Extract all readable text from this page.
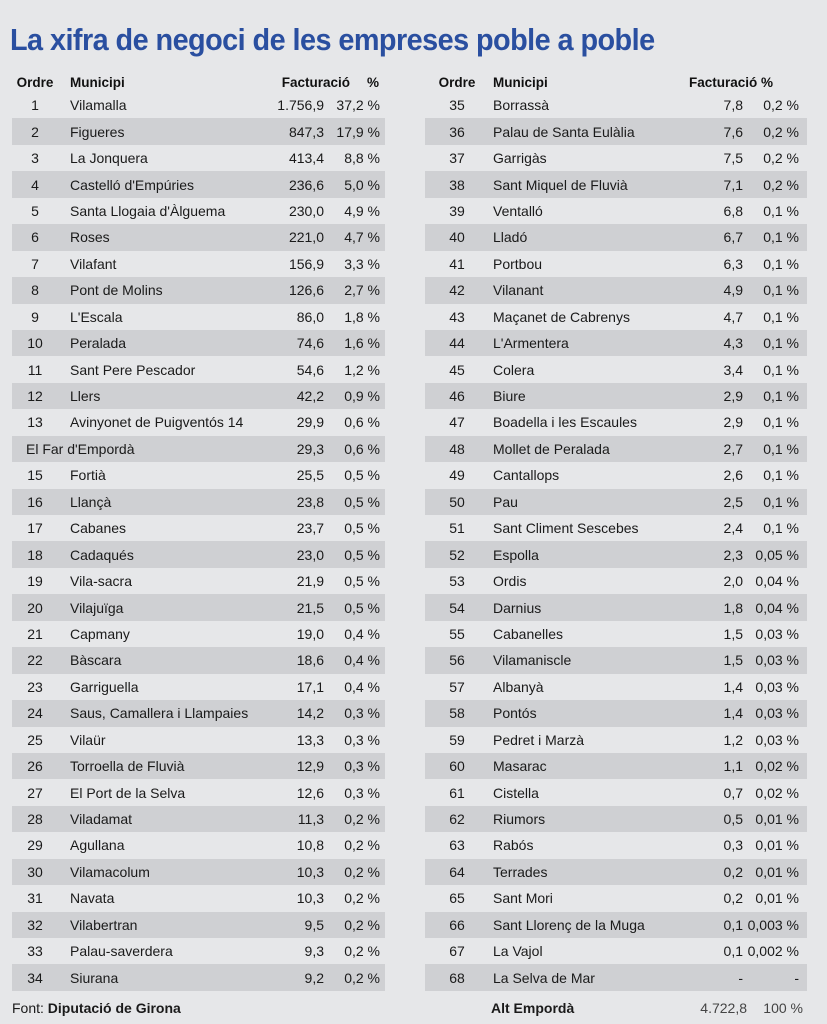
La xifra de negoci de les empreses poble a poble
Ordre	Municipi	Facturació	%
1	Vilamalla	1.756,9 37,2 %
2	Figueres	847,3 17,9 %
3	La Jonquera	413,4	8,8 %
4	Castelló d'Empúries	236,6	5,0 %
5	Santa Llogaia d'Àlguema	230,0	4,9 %
6	Roses	221,0	4,7 %
7	Vilafant	156,9	3,3 %
8	Pont de Molins	126,6	2,7 %
9	L'Escala	86,0	1,8 %
10	Peralada	74,6	1,6 %
11	Sant Pere Pescador	54,6	1,2 %
12	Llers	42,2	0,9 %
13	Avinyonet de Puigventós 14	29,9	0,6 %
El Far d'Empordà	29,3	0,6 %
15	Fortià	25,5	0,5 %
16	Llançà	23,8	0,5 %
17	Cabanes	23,7	0,5 %
18	Cadaqués	23,0	0,5 %
19	Vila-sacra	21,9	0,5 %
20	Vilajuïga	21,5	0,5 %
21	Capmany	19,0	0,4 %
22	Bàscara	18,6	0,4 %
23	Garriguella	17,1	0,4 %
24	Saus, Camallera i Llampaies	14,2	0,3 %
25	Vilaür	13,3	0,3 %
26	Torroella de Fluvià	12,9	0,3 %
27	El Port de la Selva	12,6	0,3 %
28	Viladamat	11,3	0,2 %
29	Agullana	10,8	0,2 %
30	Vilamacolum	10,3	0,2 %
31	Navata	10,3	0,2 %
32	Vilabertran	9,5	0,2 %
33	Palau-saverdera	9,3	0,2 %
34	Siurana	9,2	0,2 %
Ordre	Municipi	Facturació %
35	Borrassà	7,8	0,2 %
36	Palau de Santa Eulàlia	7,6	0,2 %
37	Garrigàs	7,5	0,2 %
38	Sant Miquel de Fluvià	7,1	0,2 %
39	Ventalló	6,8	0,1 %
40	Lladó	6,7	0,1 %
41	Portbou	6,3	0,1 %
42	Vilanant	4,9	0,1 %
43	Maçanet de Cabrenys	4,7	0,1 %
44	L'Armentera	4,3	0,1 %
45	Colera	3,4	0,1 %
46	Biure	2,9	0,1 %
47	Boadella i les Escaules	2,9	0,1 %
48	Mollet de Peralada	2,7	0,1 %
49	Cantallops	2,6	0,1 %
50	Pau	2,5	0,1 %
51	Sant Climent Sescebes	2,4	0,1 %
52	Espolla	2,3 0,05 %
53	Ordis	2,0 0,04 %
54	Darnius	1,8 0,04 %
55	Cabanelles	1,5 0,03 %
56	Vilamaniscle	1,5 0,03 %
57	Albanyà	1,4 0,03 %
58	Pontós	1,4 0,03 %
59	Pedret i Marzà	1,2 0,03 %
60	Masarac	1,1 0,02 %
61	Cistella	0,7 0,02 %
62	Riumors	0,5 0,01 %
63	Rabós	0,3 0,01 %
64	Terrades	0,2 0,01 %
65	Sant Mori	0,2 0,01 %
66	Sant Llorenç de la Muga	0,1 0,003 %
67	La Vajol	0,1 0,002 %
68	La Selva de Mar	-	-
Font:
Diputació de Girona	Alt Empordà	4.722,8	100 %
